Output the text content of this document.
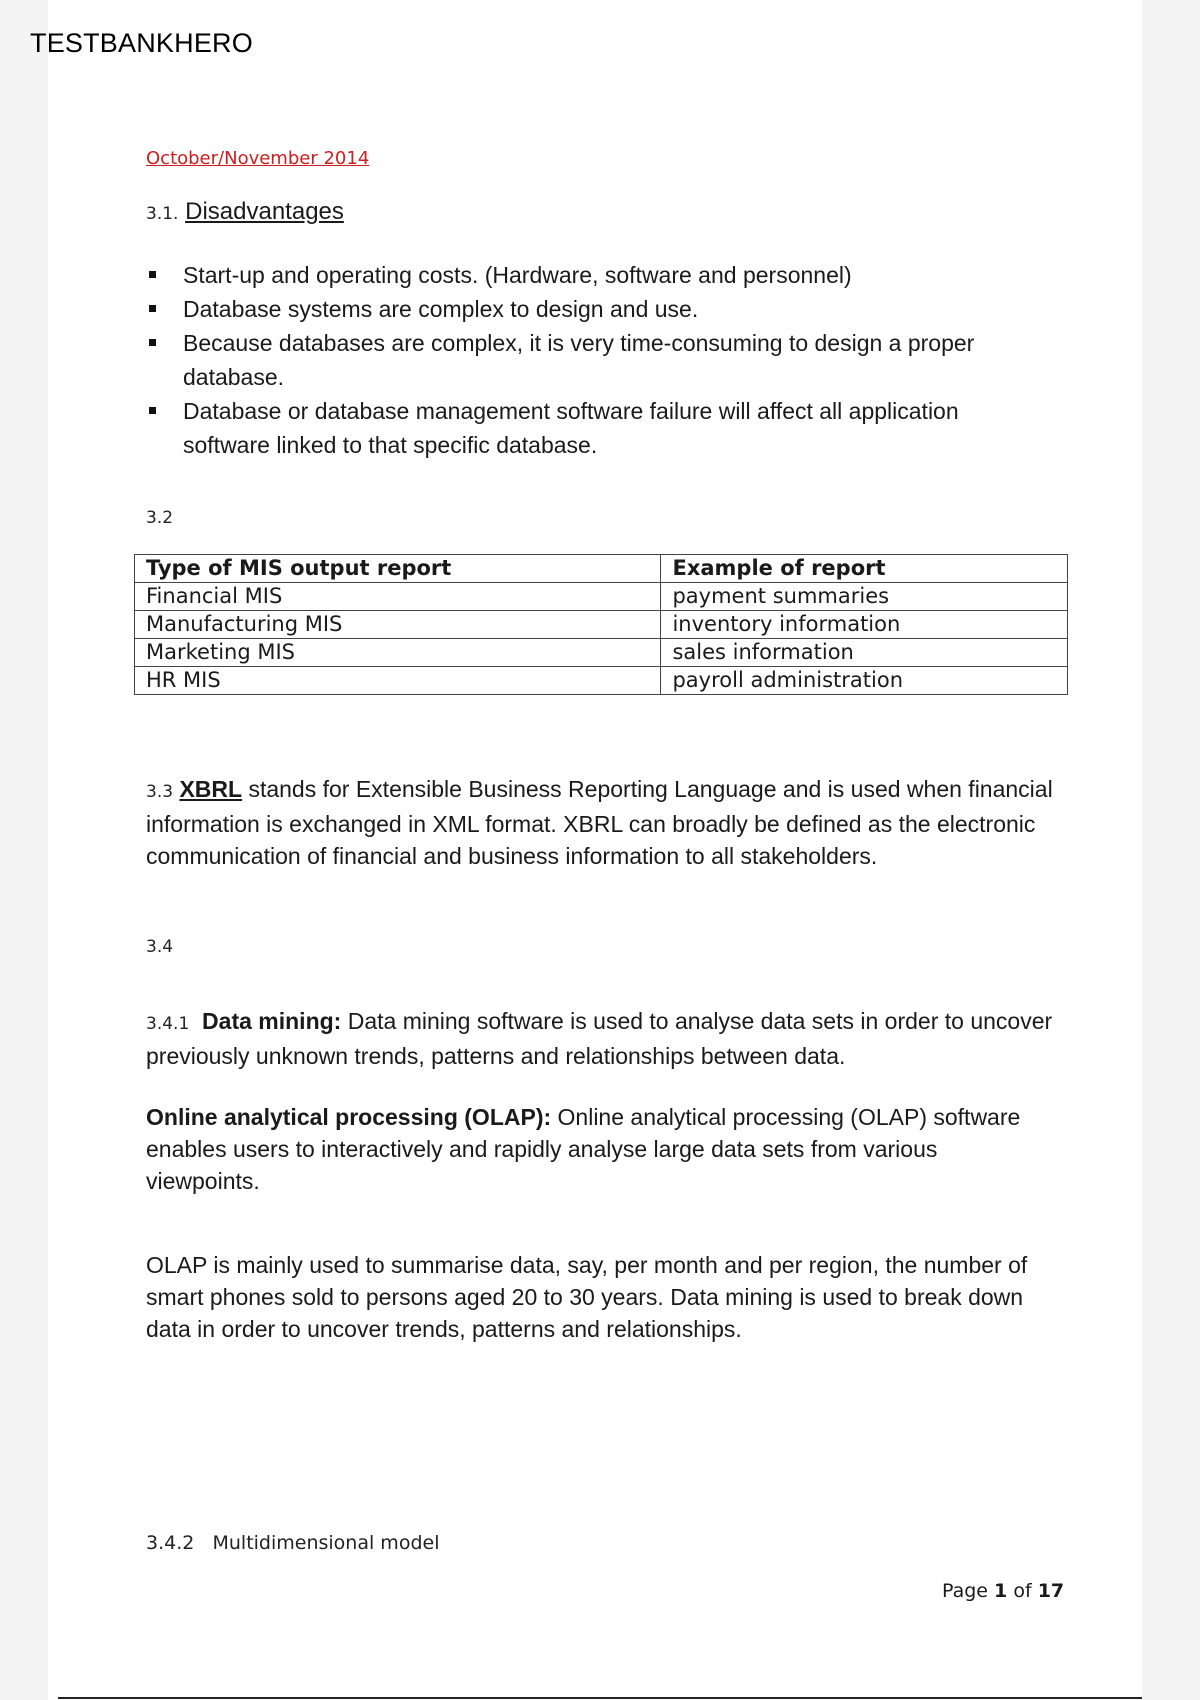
TESTBANKHERO
October/November 2014
3.1. Disadvantages
Start-up and operating costs. (Hardware, software and personnel)
Database systems are complex to design and use.
Because databases are complex, it is very time-consuming to design a proper database.
Database or database management software failure will affect all application software linked to that specific database.
3.2
Type of MIS output report	Example of report
Financial MIS	payment summaries
Manufacturing MIS	inventory information
Marketing MIS	sales information
HR MIS	payroll administration

3.3 XBRL stands for Extensible Business Reporting Language and is used when financial information is exchanged in XML format. XBRL can broadly be defined as the electronic communication of financial and business information to all stakeholders.

3.4

3.4.1 Data mining: Data mining software is used to analyse data sets in order to uncover previously unknown trends, patterns and relationships between data.

Online analytical processing (OLAP): Online analytical processing (OLAP) software enables users to interactively and rapidly analyse large data sets from various viewpoints.

OLAP is mainly used to summarise data, say, per month and per region, the number of smart phones sold to persons aged 20 to 30 years. Data mining is used to break down data in order to uncover trends, patterns and relationships.

3.4.2 Multidimensional model
Page 1 of 17
